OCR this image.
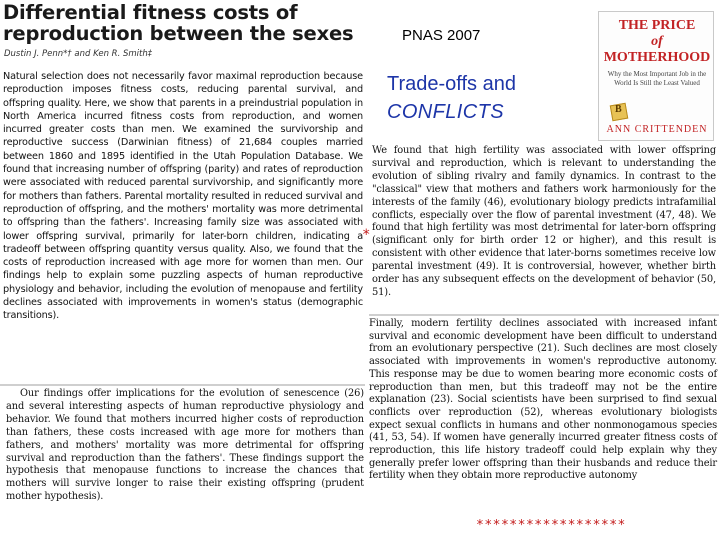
Differential fitness costs of reproduction between the sexes
Dustin J. Penn*† and Ken R. Smith‡
Natural selection does not necessarily favor maximal reproduction because reproduction imposes fitness costs, reducing parental survival, and offspring quality. Here, we show that parents in a preindustrial population in North America incurred fitness costs from reproduction, and women incurred greater costs than men. We examined the survivorship and reproductive success (Darwinian fitness) of 21,684 couples married between 1860 and 1895 identified in the Utah Population Database. We found that increasing number of offspring (parity) and rates of reproduction were associated with reduced parental survivorship, and significantly more for mothers than fathers. Parental mortality resulted in reduced survival and reproduction of offspring, and the mothers' mortality was more detrimental to offspring than the fathers'. Increasing family size was associated with lower offspring survival, primarily for later-born children, indicating a tradeoff between offspring quantity versus quality. Also, we found that the costs of reproduction increased with age more for women than men. Our findings help to explain some puzzling aspects of human reproductive physiology and behavior, including the evolution of menopause and fertility declines associated with improvements in women's status (demographic transitions).
Our findings offer implications for the evolution of senescence (26) and several interesting aspects of human reproductive physiology and behavior. We found that mothers incurred higher costs of reproduction than fathers, these costs increased with age more for mothers than fathers, and mothers' mortality was more detrimental for offspring survival and reproduction than the fathers'. These findings support the hypothesis that menopause functions to increase the chances that mothers will survive longer to raise their existing offspring (prudent mother hypothesis).
PNAS 2007
Trade-offs and
CONFLICTS
THE PRICE
of
MOTHERHOOD
Why the Most Important Job in the World Is Still the Least Valued
B
ANN CRITTENDEN
We found that high fertility was associated with lower offspring survival and reproduction, which is relevant to understanding the evolution of sibling rivalry and family dynamics. In contrast to the "classical" view that mothers and fathers work harmoniously for the interests of the family (46), evolutionary biology predicts intrafamilial conflicts, especially over the flow of parental investment (47, 48). We found that high fertility was most detrimental for later-born offspring (significant only for birth order 12 or higher), and this result is consistent with other evidence that later-borns sometimes receive low parental investment (49). It is controversial, however, whether birth order has any subsequent effects on the development of behavior (50, 51).
Finally, modern fertility declines associated with increased infant survival and economic development have been difficult to understand from an evolutionary perspective (21). Such declines are most closely associated with improvements in women's reproductive autonomy. This response may be due to women bearing more economic costs of reproduction than men, but this tradeoff may not be the entire explanation (23). Social scientists have been surprised to find sexual conflicts over reproduction (52), whereas evolutionary biologists expect sexual conflicts in humans and other nonmonogamous species (41, 53, 54). If women have generally incurred greater fitness costs of reproduction, this life history tradeoff could help explain why they generally prefer lower offspring than their husbands and reduce their fertility when they obtain more reproductive autonomy
*
******************
